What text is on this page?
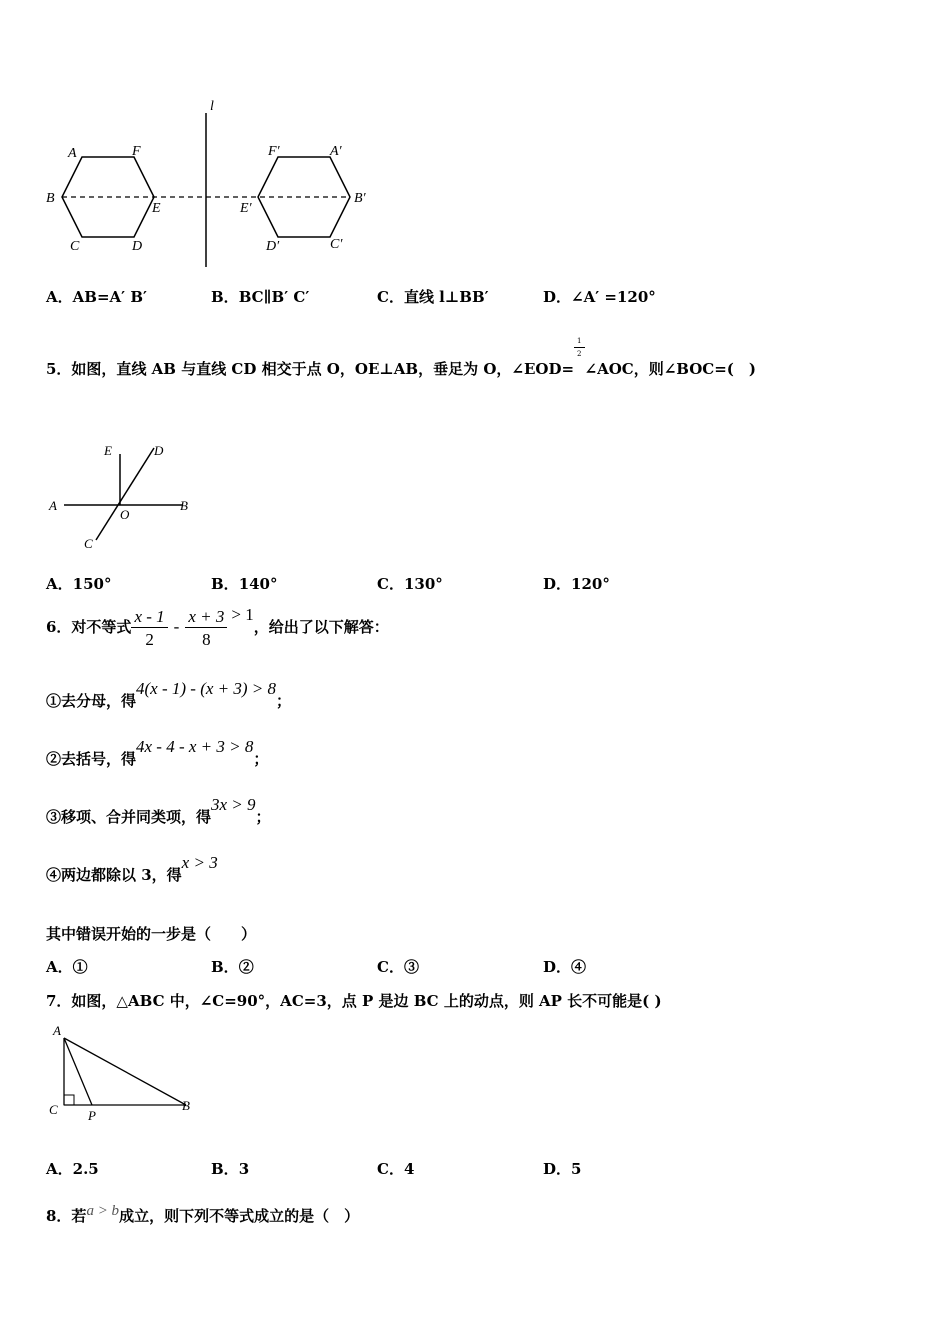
l
A	F
B
E
C	D
F′	A′
E′
B′
D′	C′
A．AB=A′ B′	B．BC∥B′ C′	C．直线 l⊥BB′	D．∠A′ =120°
5．如图，直线 AB 与直线 CD 相交于点 O，OE⊥AB，垂足为 O，∠EOD=
$\frac{1}{2}$
∠AOC，则∠BOC=(　)
E	D
A
O
B
C
A．150°	B．140°	C．130°	D．120°
6．对不等式 $\frac{x - 1}{2} - \frac{x + 3}{8} > 1$，给出了以下解答：
①去分母，得4(x - 1) - (x + 3) > 8；
②去括号，得4x - 4 - x + 3 > 8；
③移项、合并同类项，得3x > 9；
④两边都除以 3，得x > 3
其中错误开始的一步是（　　）
A．①	B．②	C．③	D．④
7．如图，△ABC 中，∠C=90°，AC=3，点 P 是边 BC 上的动点，则 AP 长不可能是( )
A
C P
B
A．2.5	B．3	C．4	D．5
8．若a > b成立，则下列不等式成立的是（　）
